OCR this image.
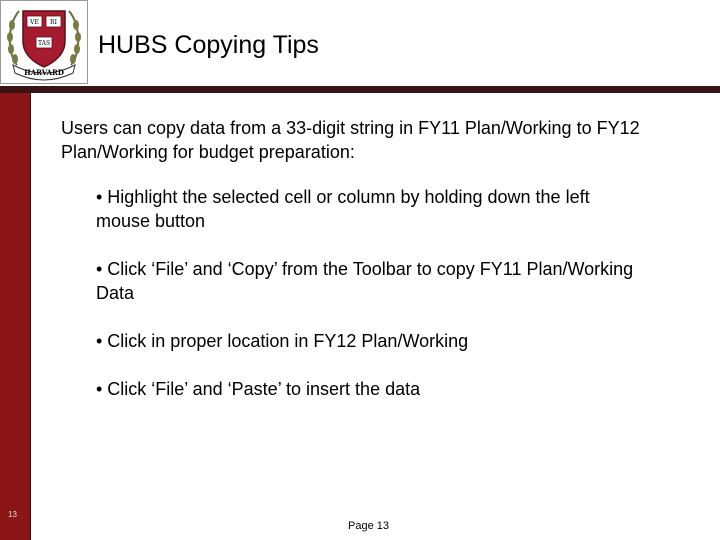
VE RI
TAS
HARVARD
HUBS Copying Tips
Users can copy data from a 33-digit string in FY11 Plan/Working to FY12 Plan/Working for budget preparation:
• Highlight the selected cell or column by holding down the left mouse button
• Click ‘File’ and ‘Copy’ from the Toolbar to copy FY11 Plan/Working Data
• Click in proper location in FY12 Plan/Working
• Click ‘File’ and ‘Paste’ to insert the data
13
Page 13
